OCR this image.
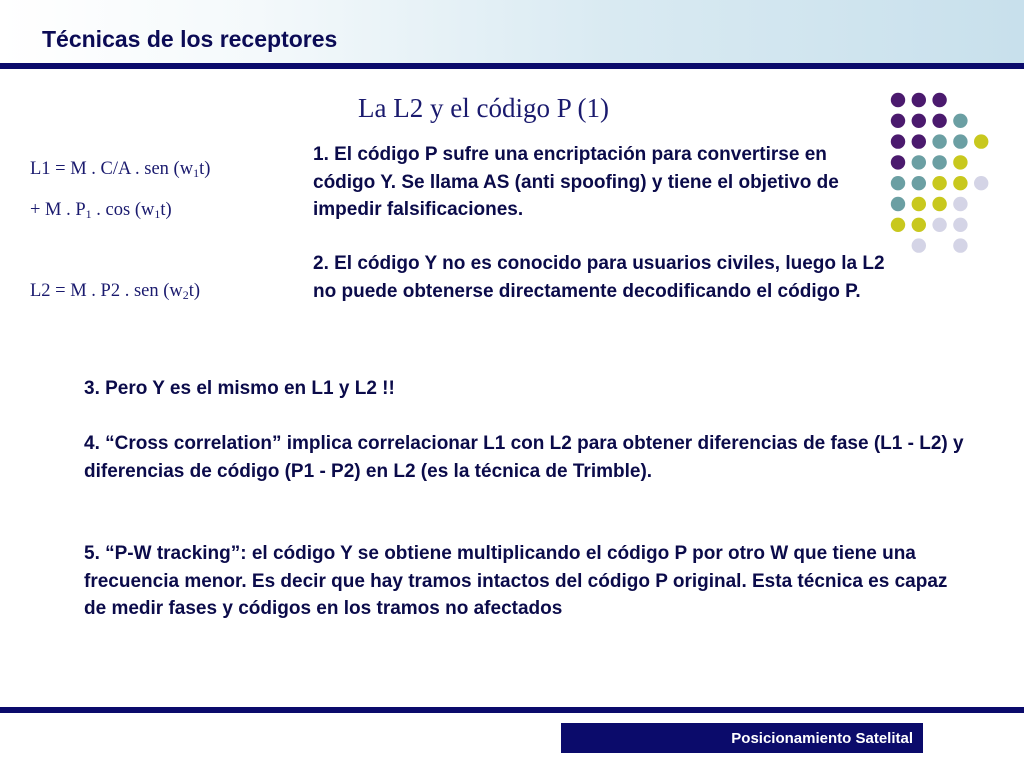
Técnicas de los receptores
La L2 y el código P (1)
L1 = M . C/A . sen $(w_1t)$
+ M . $P_1$ . $\cos (w_1t)$
L2 = M . P2 . sen $(w_2t)$

1. El código P sufre una encriptación para convertirse en código Y. Se llama AS (anti spoofing) y tiene el objetivo de impedir falsificaciones.

2. El código Y no es conocido para usuarios civiles, luego la L2 no puede obtenerse directamente decodificando el código P.

3. Pero Y es el mismo en L1 y L2 !!

4. “Cross correlation” implica correlacionar L1 con L2 para obtener diferencias de fase (L1 - L2) y diferencias de código (P1 - P2) en L2 (es la técnica de Trimble).

5. “P-W tracking”: el código Y se obtiene multiplicando el código P por otro W que tiene una frecuencia menor. Es decir que hay tramos intactos del código P original. Esta técnica es capaz de medir fases y códigos en los tramos no afectados

Posicionamiento Satelital
